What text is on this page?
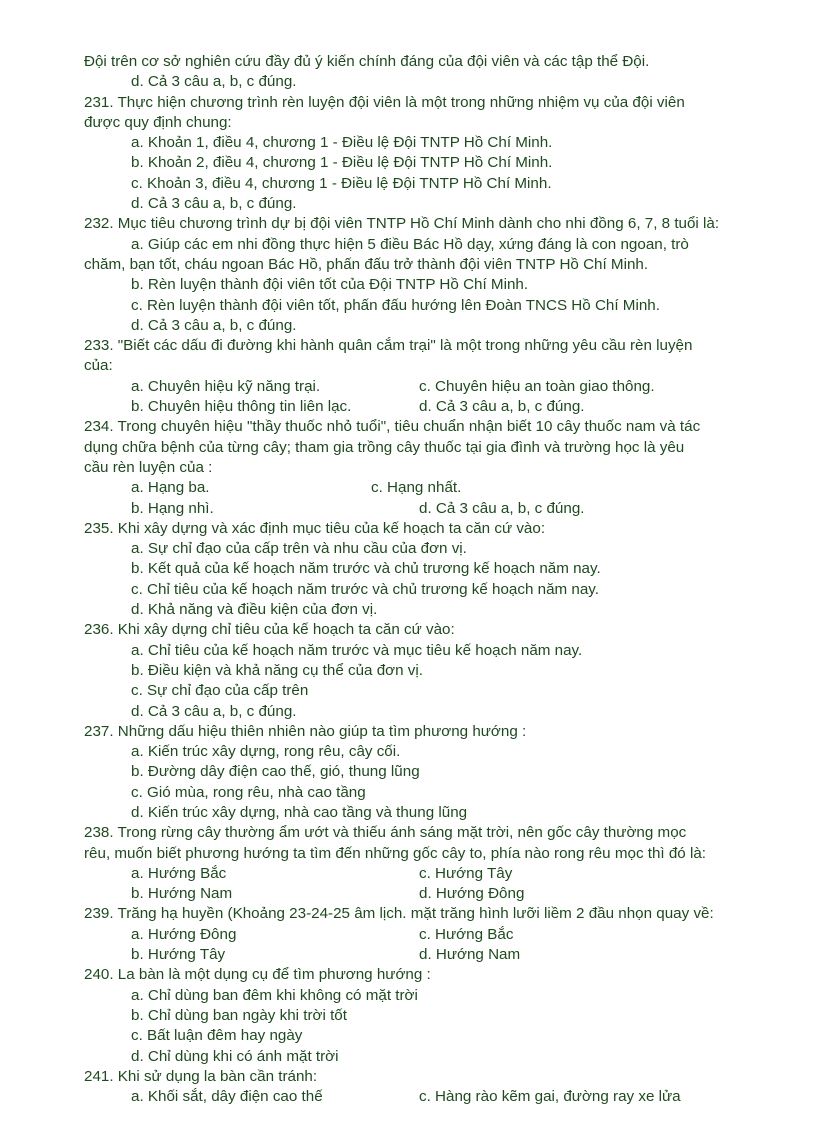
Đội trên cơ sở nghiên cứu đầy đủ ý kiến chính đáng của đội viên và các tập thể Đội.
d. Cả 3 câu a, b, c đúng.
231. Thực hiện chương trình rèn luyện đội viên là một trong những nhiệm vụ của đội viên
được quy định chung:
a. Khoản 1, điều 4, chương 1 - Điều lệ Đội TNTP Hồ Chí Minh.
b. Khoản 2, điều 4, chương 1 - Điều lệ Đội TNTP Hồ Chí Minh.
c. Khoản 3, điều 4, chương 1 - Điều lệ Đội TNTP Hồ Chí Minh.
d. Cả 3 câu a, b, c đúng.
232. Mục tiêu chương trình dự bị đội viên TNTP Hồ Chí Minh dành cho nhi đồng 6, 7, 8 tuổi là:
a. Giúp các em nhi đồng thực hiện 5 điều Bác Hồ dạy, xứng đáng là con ngoan, trò
chăm, bạn tốt, cháu ngoan Bác Hồ, phấn đấu trở thành đội viên TNTP Hồ Chí Minh.
b. Rèn luyện thành đội viên tốt của Đội TNTP Hồ Chí Minh.
c. Rèn luyện thành đội viên tốt, phấn đấu hướng lên Đoàn TNCS Hồ Chí Minh.
d. Cả 3 câu a, b, c đúng.
233. "Biết các dấu đi đường khi hành quân cắm trại" là một trong những yêu cầu rèn luyện
của:
a. Chuyên hiệu kỹ năng trại.	c. Chuyên hiệu an toàn giao thông.
b. Chuyên hiệu thông tin liên lạc.	d. Cả 3 câu a, b, c đúng.
234. Trong chuyên hiệu "thầy thuốc nhỏ tuổi", tiêu chuẩn nhận biết 10 cây thuốc nam và tác
dụng chữa bệnh của từng cây; tham gia trồng cây thuốc tại gia đình và trường học là yêu
cầu rèn luyện của :
a. Hạng ba.	c. Hạng nhất.
b. Hạng nhì.	d. Cả 3 câu a, b, c đúng.
235. Khi xây dựng và xác định mục tiêu của kế hoạch ta căn cứ vào:
a. Sự chỉ đạo của cấp trên và nhu cầu của đơn vị.
b. Kết quả của kế hoạch năm trước và chủ trương kế hoạch năm nay.
c. Chỉ tiêu của kế hoạch năm trước và chủ trương kế hoạch năm nay.
d. Khả năng và điều kiện của đơn vị.
236. Khi xây dựng chỉ tiêu của kế hoạch ta căn cứ vào:
a. Chỉ tiêu của kế hoạch năm trước và mục tiêu kế hoạch năm nay.
b. Điều kiện và khả năng cụ thể của đơn vị.
c. Sự chỉ đạo của cấp trên
d. Cả 3 câu a, b, c đúng.
237. Những dấu hiệu thiên nhiên nào giúp ta tìm phương hướng :
a. Kiến trúc xây dựng, rong rêu, cây cối.
b. Đường dây điện cao thế, gió, thung lũng
c. Gió mùa, rong rêu, nhà cao tầng
d. Kiến trúc xây dựng, nhà cao tầng và thung lũng
238. Trong rừng cây thường ẩm ướt và thiếu ánh sáng mặt trời, nên gốc cây thường mọc
rêu, muốn biết phương hướng ta tìm đến những gốc cây to, phía nào rong rêu mọc thì đó là:
a. Hướng Bắc	c. Hướng Tây
b. Hướng Nam	d. Hướng Đông
239. Trăng hạ huyền (Khoảng 23-24-25 âm lịch. mặt trăng hình lưỡi liềm 2 đầu nhọn quay về:
a. Hướng Đông	c. Hướng Bắc
b. Hướng Tây	d. Hướng Nam
240. La bàn là một dụng cụ để tìm phương hướng :
a. Chỉ dùng ban đêm khi không có mặt trời
b. Chỉ dùng ban ngày khi trời tốt
c. Bất luận đêm hay ngày
d. Chỉ dùng khi có ánh mặt trời
241. Khi sử dụng la bàn cần tránh:
a. Khối sắt, dây điện cao thế	c. Hàng rào kẽm gai, đường ray xe lửa
